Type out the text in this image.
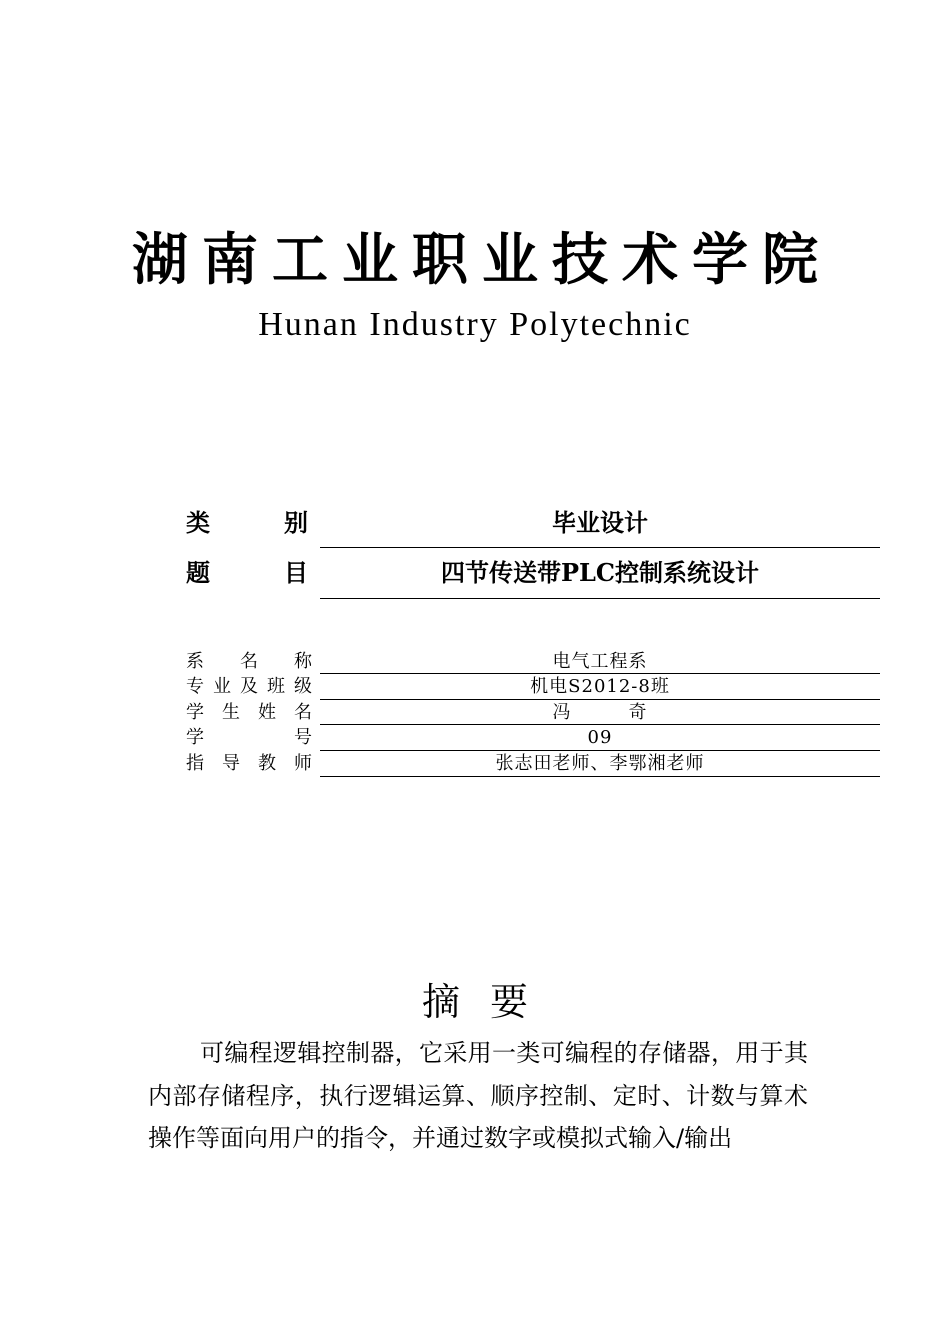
湖南工业职业技术学院
Hunan Industry Polytechnic
类	别	毕业设计
题	目	四节传送带PLC控制系统设计
系 名 称	电气工程系
专 业 及 班 级	机电S2012-8班
学 生 姓 名	冯　　　奇
学	号	09
指 导 教 师	张志田老师、李鄂湘老师
摘要
可编程逻辑控制器，它采用一类可编程的存储器，用于其内部存储程序，执行逻辑运算、顺序控制、定时、计数与算术操作等面向用户的指令，并通过数字或模拟式输入/输出
